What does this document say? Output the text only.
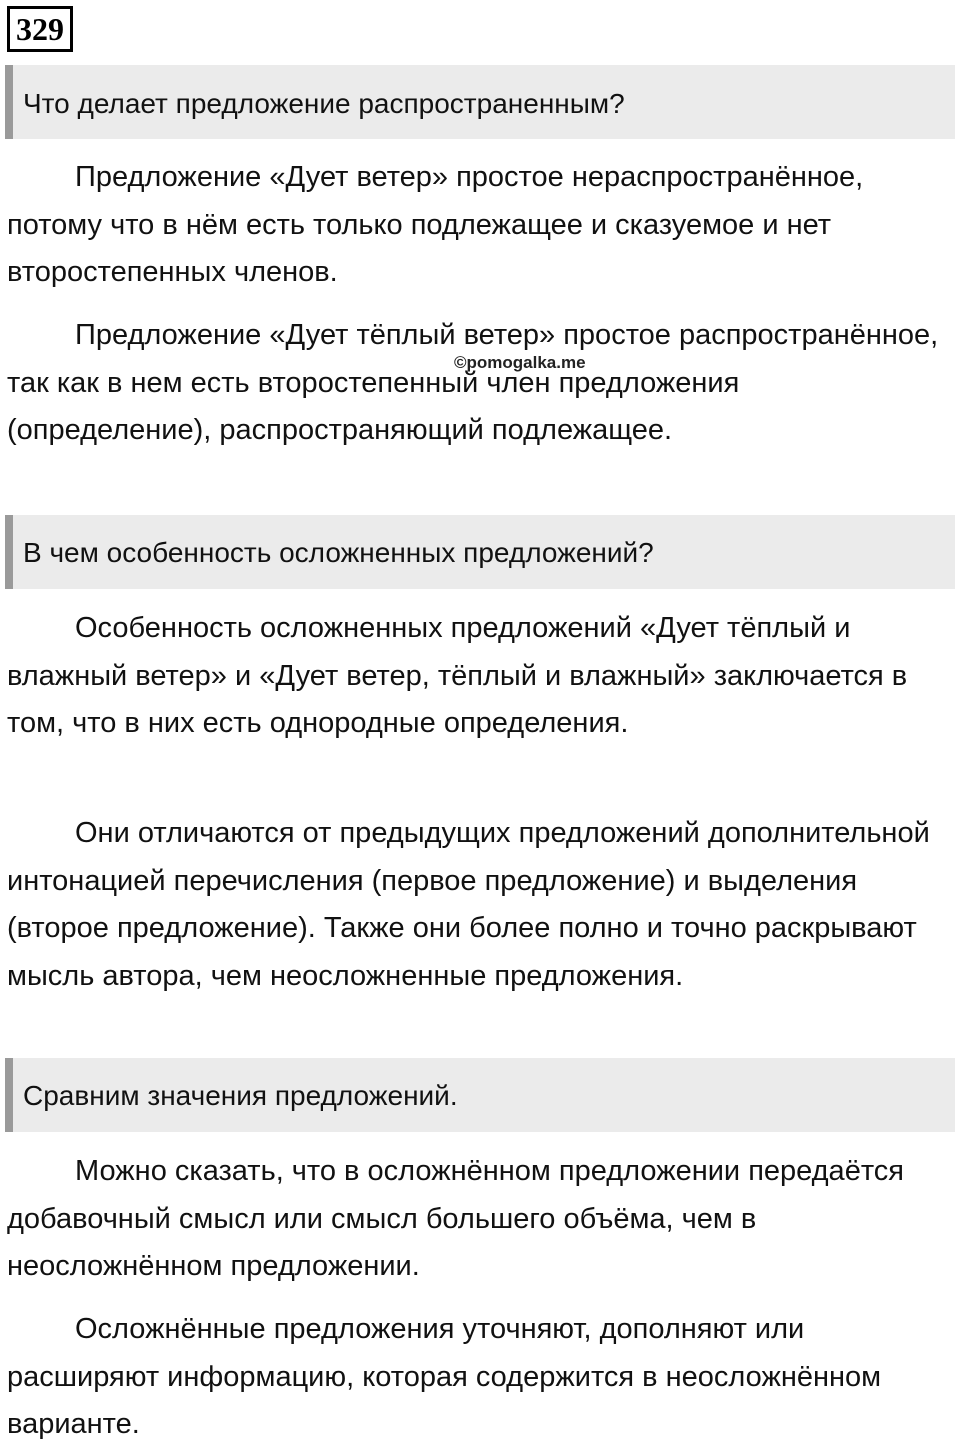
329
Что делает предложение распространенным?

Предложение «Дует ветер» простое нераспространённое, потому что в нём есть только подлежащее и сказуемое и нет второстепенных членов.

Предложение «Дует тёплый ветер» простое распространённое, так как в нем есть второстепенный член предложения (определение), распространяющий подлежащее.

©pomogalka.me
В чем особенность осложненных предложений?

Особенность осложненных предложений «Дует тёплый и влажный ветер» и «Дует ветер, тёплый и влажный» заключается в том, что в них есть однородные определения.

Они отличаются от предыдущих предложений дополнительной интонацией перечисления (первое предложение) и выделения (второе предложение). Также они более полно и точно раскрывают мысль автора, чем неосложненные предложения.

Сравним значения предложений.

Можно сказать, что в осложнённом предложении передаётся добавочный смысл или смысл большего объёма, чем в неосложнённом предложении.

Осложнённые предложения уточняют, дополняют или расширяют информацию, которая содержится в неосложнённом варианте.
